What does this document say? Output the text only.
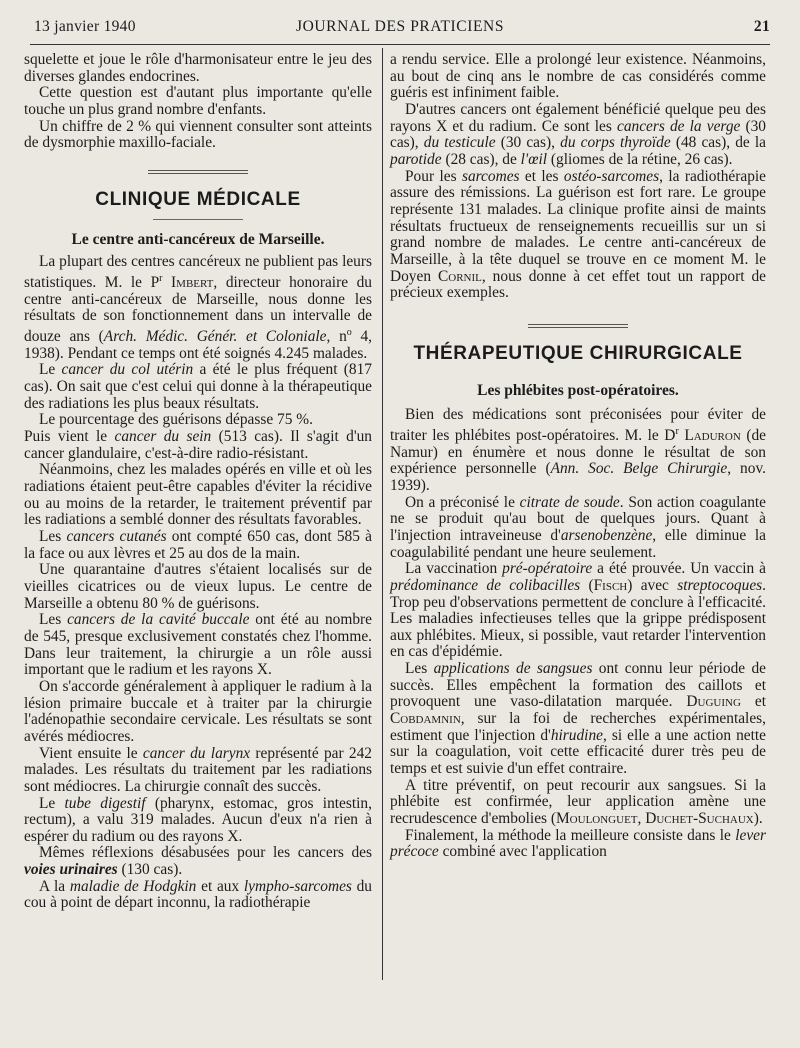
13 janvier 1940	JOURNAL DES PRATICIENS	21

squelette et joue le rôle d'harmonisateur entre le jeu des diverses glandes endocrines.

Cette question est d'autant plus importante qu'elle touche un plus grand nombre d'enfants.

Un chiffre de 2 % qui viennent consulter sont atteints de dysmorphie maxillo-faciale.

CLINIQUE MÉDICALE
Le centre anti-cancéreux de Marseille.

La plupart des centres cancéreux ne publient pas leurs statistiques. M. le $P^r$ Imbert, directeur honoraire du centre anti-cancéreux de Marseille, nous donne les résultats de son fonctionnement dans un intervalle de douze ans (Arch. Médic. Génér. et Coloniale, $n^o$ 4, 1938). Pendant ce temps ont été soignés 4.245 malades.

Le cancer du col utérin a été le plus fréquent (817 cas). On sait que c'est celui qui donne à la thérapeutique des radiations les plus beaux résultats.

Le pourcentage des guérisons dépasse 75 %.

Puis vient le cancer du sein (513 cas). Il s'agit d'un cancer glandulaire, c'est-à-dire radio-résistant.

Néanmoins, chez les malades opérés en ville et où les radiations étaient peut-être capables d'éviter la récidive ou au moins de la retarder, le traitement préventif par les radiations a semblé donner des résultats favorables.

Les cancers cutanés ont compté 650 cas, dont 585 à la face ou aux lèvres et 25 au dos de la main.

Une quarantaine d'autres s'étaient localisés sur de vieilles cicatrices ou de vieux lupus. Le centre de Marseille a obtenu 80 % de guérisons.

Les cancers de la cavité buccale ont été au nombre de 545, presque exclusivement constatés chez l'homme. Dans leur traitement, la chirurgie a un rôle aussi important que le radium et les rayons X.

On s'accorde généralement à appliquer le radium à la lésion primaire buccale et à traiter par la chirurgie l'adénopathie secondaire cervicale. Les résultats se sont avérés médiocres.

Vient ensuite le cancer du larynx représenté par 242 malades. Les résultats du traitement par les radiations sont médiocres. La chirurgie connaît des succès.

Le tube digestif (pharynx, estomac, gros intestin, rectum), a valu 319 malades. Aucun d'eux n'a rien à espérer du radium ou des rayons X.

Mêmes réflexions désabusées pour les cancers des voies urinaires (130 cas).

A la maladie de Hodgkin et aux lympho-sarcomes du cou à point de départ inconnu, la radiothérapie

a rendu service. Elle a prolongé leur existence. Néanmoins, au bout de cinq ans le nombre de cas considérés comme guéris est infiniment faible.

D'autres cancers ont également bénéficié quelque peu des rayons X et du radium. Ce sont les cancers de la verge (30 cas), du testicule (30 cas), du corps thyroïde (48 cas), de la parotide (28 cas), de l'œil (gliomes de la rétine, 26 cas).

Pour les sarcomes et les ostéo-sarcomes, la radiothérapie assure des rémissions. La guérison est fort rare. Le groupe représente 131 malades. La clinique profite ainsi de maints résultats fructueux de renseignements recueillis sur un si grand nombre de malades. Le centre anti-cancéreux de Marseille, à la tête duquel se trouve en ce moment M. le Doyen Cornil, nous donne à cet effet tout un rapport de précieux exemples.

THÉRAPEUTIQUE CHIRURGICALE
Les phlébites post-opératoires.

Bien des médications sont préconisées pour éviter de traiter les phlébites post-opératoires. M. le $D^r$ Laduron (de Namur) en énumère et nous donne le résultat de son expérience personnelle (Ann. Soc. Belge Chirurgie, nov. 1939).

On a préconisé le citrate de soude. Son action coagulante ne se produit qu'au bout de quelques jours. Quant à l'injection intraveineuse d'arsenobenzène, elle diminue la coagulabilité pendant une heure seulement.

La vaccination pré-opératoire a été prouvée. Un vaccin à prédominance de colibacilles (Fisch) avec streptocoques. Trop peu d'observations permettent de conclure à l'efficacité. Les maladies infectieuses telles que la grippe prédisposent aux phlébites. Mieux, si possible, vaut retarder l'intervention en cas d'épidémie.

Les applications de sangsues ont connu leur période de succès. Elles empêchent la formation des caillots et provoquent une vaso-dilatation marquée. Duguing et Cobdamnin, sur la foi de recherches expérimentales, estiment que l'injection d'hirudine, si elle a une action nette sur la coagulation, voit cette efficacité durer très peu de temps et est suivie d'un effet contraire.

A titre préventif, on peut recourir aux sangsues. Si la phlébite est confirmée, leur application amène une recrudescence d'embolies (Moulonguet, Duchet-Suchaux).

Finalement, la méthode la meilleure consiste dans le lever précoce combiné avec l'application
